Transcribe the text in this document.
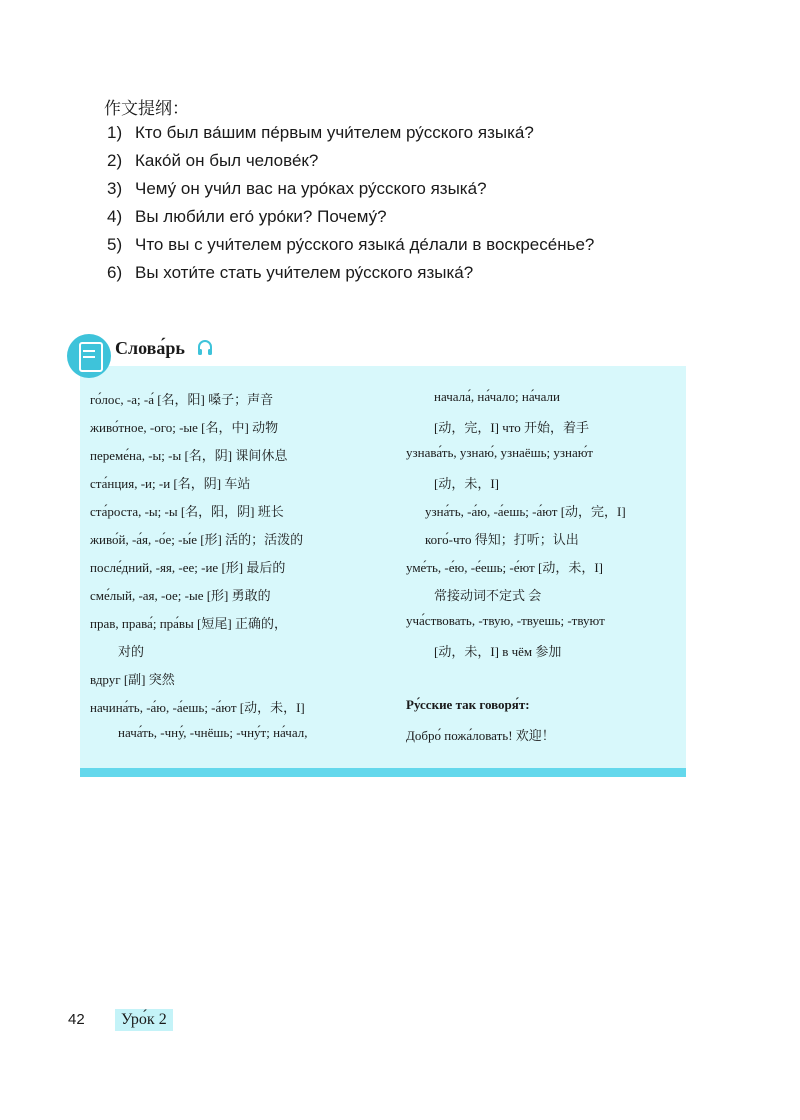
作文提纲：
1) Кто был ва́шим пе́рвым учи́телем ру́сского языка́?
2) Како́й он был челове́к?
3) Чему́ он учи́л вас на уро́ках ру́сского языка́?
4) Вы люби́ли его́ уро́ки? Почему́?
5) Что вы с учи́телем ру́сского языка́ де́лали в воскресе́нье?
6) Вы хоти́те стать учи́телем ру́сского языка́?
Слова́рь
го́лос, -а; -а́ [名，阳] 嗓子；声音
живо́тное, -ого; -ые [名，中] 动物
переме́на, -ы; -ы [名，阴] 课间休息
ста́нция, -и; -и [名，阴] 车站
ста́роста, -ы; -ы [名，阳，阴] 班长
живо́й, -а́я, -о́е; -ы́е [形] 活的；活泼的
после́дний, -яя, -ее; -ие [形] 最后的
сме́лый, -ая, -ое; -ые [形] 勇敢的
прав, права́; пра́вы [短尾] 正确的，
对的
вдруг [副] 突然
начина́ть, -а́ю, -а́ешь; -а́ют [动，未，I]
нача́ть, -чну́, -чнёшь; -чну́т; на́чал,
начала́, на́чало; на́чали
[动，完，I] что 开始，着手
узнава́ть, узнаю́, узнаёшь; узнаю́т
[动，未，I]
узна́ть, -а́ю, -а́ешь; -а́ют [动，完，I]
кого́-что 得知；打听；认出
уме́ть, -е́ю, -е́ешь; -е́ют [动，未，I]
常接动词不定式 会
уча́ствовать, -твую, -твуешь; -твуют
[动，未，I] в чём 参加
Ру́сские так говоря́т:
Добро́ пожа́ловать! 欢迎！
42	Уро́к 2
